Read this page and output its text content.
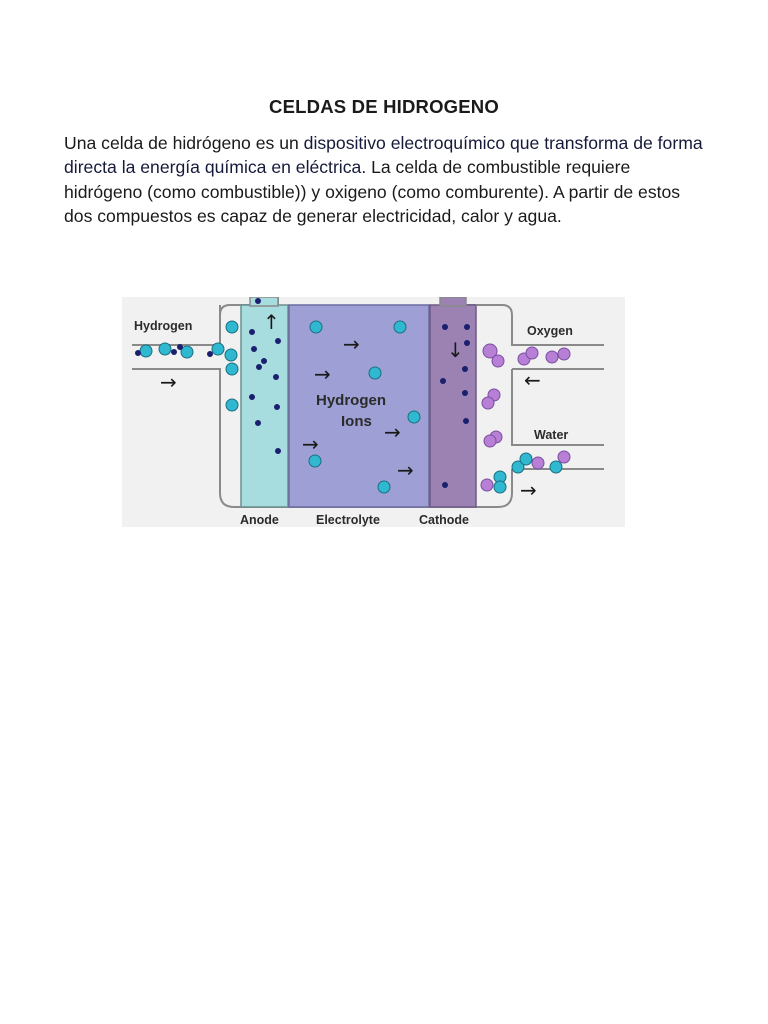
CELDAS DE HIDROGENO
Una celda de hidrógeno es un dispositivo electroquímico que transforma de forma directa la energía química en eléctrica. La celda de combustible requiere hidrógeno (como combustible)) y oxigeno (como comburente). A partir de estos dos compuestos es capaz de generar electricidad, calor y agua.
Hydrogen	Oxygen
Water
Hydrogen
Ions
Anode	Electrolyte	Cathode
→
↑
→
→
→
→
→
↓
←
→
